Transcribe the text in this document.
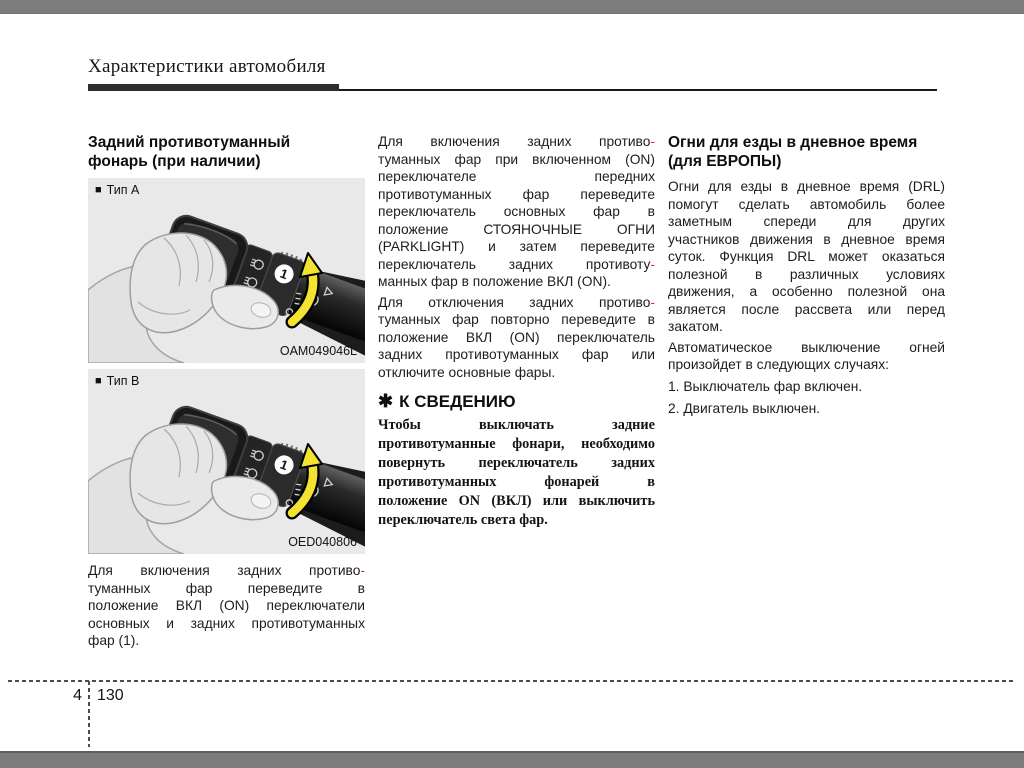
Характеристики автомобиля
Задний противотуманный
фонарь (при наличии)
■ Тип A
OAM049046L
■ Тип B
OED040806
Для включения задних противо-
туманных фар переведите в
положение ВКЛ (ON) переключатели
основных и задних противотуманных
фар (1).
Для включения задних противо-
туманных фар при включенном (ON)
переключателе передних
противотуманных фар переведите
переключатель основных фар в
положение СТОЯНОЧНЫЕ ОГНИ
(PARKLIGHT) и затем переведите
переключатель задних противоту-
манных фар в положение ВКЛ (ON).
Для отключения задних противо-
туманных фар повторно переведите в
положение ВКЛ (ON) переключатель
задних противотуманных фар или
отключите основные фары.
✱ К СВЕДЕНИЮ
Чтобы выключать задние
противотуманные фонари, необходимо
повернуть переключатель задних
противотуманных фонарей в
положение ON (ВКЛ) или выключить
переключатель света фар.
Огни для езды в дневное время
(для ЕВРОПЫ)
Огни для езды в дневное время (DRL)
помогут сделать автомобиль более
заметным спереди для других
участников движения в дневное время
суток. Функция DRL может оказаться
полезной в различных условиях
движения, а особенно полезной она
является после рассвета или перед
закатом.
Автоматическое выключение огней
произойдет в следующих случаях:
1. Выключатель фар включен.
2. Двигатель выключен.
4 130
